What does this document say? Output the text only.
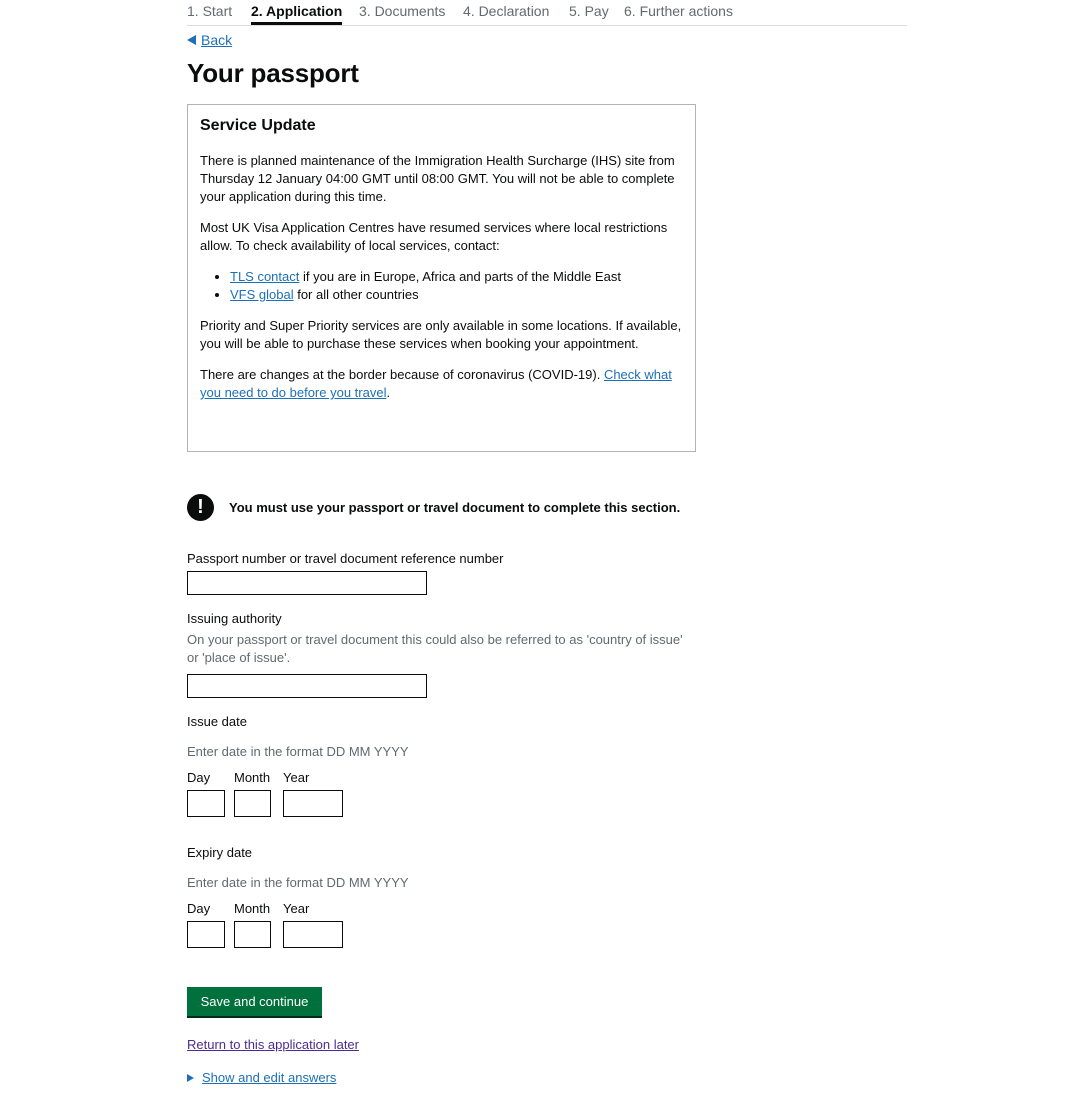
1. Start 2. Application 3. Documents 4. Declaration 5. Pay 6. Further actions
Back
Your passport
Service Update

There is planned maintenance of the Immigration Health Surcharge (IHS) site from Thursday 12 January 04:00 GMT until 08:00 GMT. You will not be able to complete your application during this time.

Most UK Visa Application Centres have resumed services where local restrictions allow. To check availability of local services, contact:

• TLS contact if you are in Europe, Africa and parts of the Middle East
• VFS global for all other countries

Priority and Super Priority services are only available in some locations. If available, you will be able to purchase these services when booking your appointment.

There are changes at the border because of coronavirus (COVID-19). Check what you need to do before you travel.

!	You must use your passport or travel document to complete this section.
Passport number or travel document reference number
Issuing authority
On your passport or travel document this could also be referred to as 'country of issue' or 'place of issue'.
Issue date
Enter date in the format DD MM YYYY
Day Month Year
Expiry date
Enter date in the format DD MM YYYY
Day Month Year
Save and continue
Return to this application later
Show and edit answers
